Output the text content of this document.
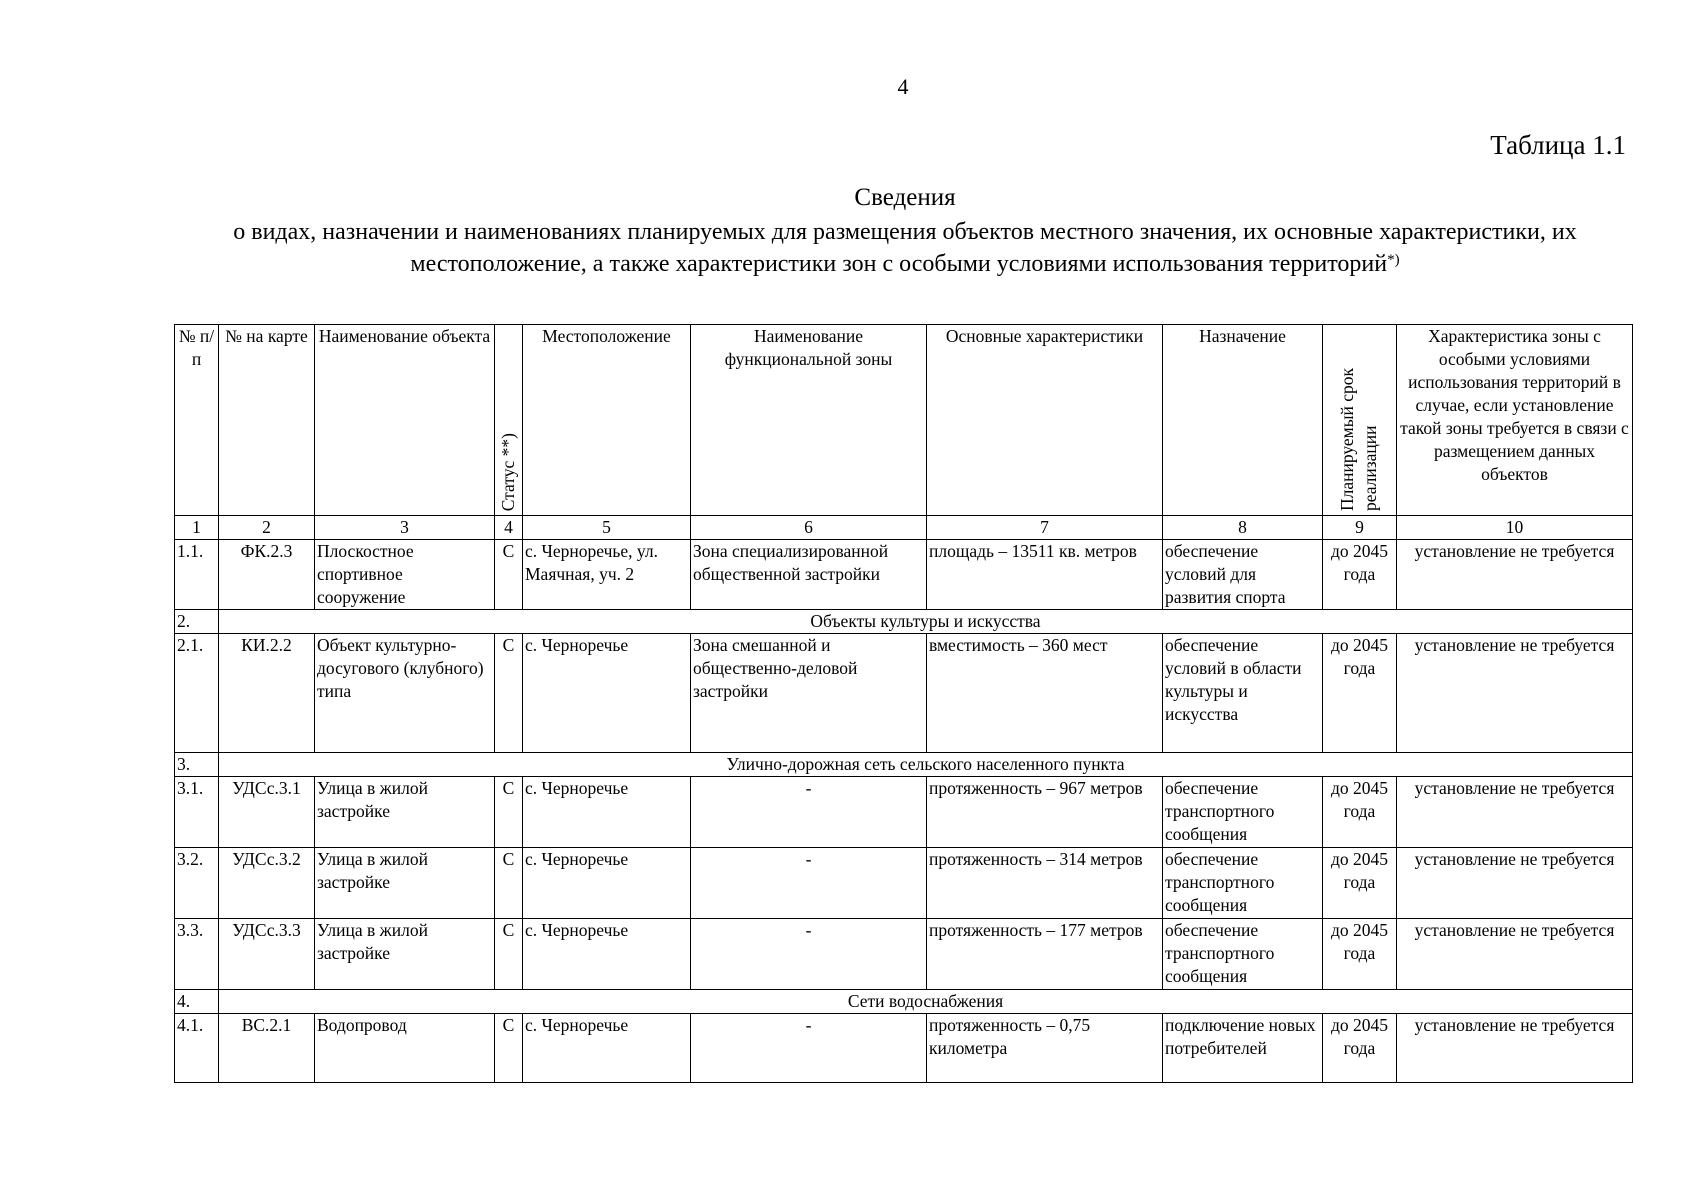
4
Таблица 1.1
Сведения
о видах, назначении и наименованиях планируемых для размещения объектов местного значения, их основные характеристики, их местоположение, а также характеристики зон с особыми условиями использования территорий*)
№ п/п	№ на карте	Наименование объекта	Статус **)	Местоположение	Наименование функциональной зоны	Основные характеристики	Назначение	Планируемый срок реализации	Характеристика зоны с особыми условиями использования территорий в случае, если установление такой зоны требуется в связи с размещением данных объектов
1	2	3	4	5	6	7	8	9	10
1.1.	ФК.2.3	Плоскостное спортивное сооружение	С	с. Черноречье, ул. Маячная, уч. 2	Зона специализированной общественной застройки	площадь – 13511 кв. метров	обеспечение условий для развития спорта	до 2045 года	установление не требуется
2.	Объекты культуры и искусства								
2.1.	КИ.2.2	Объект культурно-досугового (клубного) типа	С	с. Черноречье	Зона смешанной и общественно-деловой застройки	вместимость – 360 мест	обеспечение условий в области культуры и искусства	до 2045 года	установление не требуется
3.	Улично-дорожная сеть сельского населенного пункта								
3.1.	УДСс.3.1	Улица в жилой застройке	С	с. Черноречье	-	протяженность – 967 метров	обеспечение транспортного сообщения	до 2045 года	установление не требуется
3.2.	УДСс.3.2	Улица в жилой застройке	С	с. Черноречье	-	протяженность – 314 метров	обеспечение транспортного сообщения	до 2045 года	установление не требуется
3.3.	УДСс.3.3	Улица в жилой застройке	С	с. Черноречье	-	протяженность – 177 метров	обеспечение транспортного сообщения	до 2045 года	установление не требуется
4.	Сети водоснабжения								
4.1.	ВС.2.1	Водопровод	С	с. Черноречье	-	протяженность – 0,75 километра	подключение новых потребителей	до 2045 года	установление не требуется
